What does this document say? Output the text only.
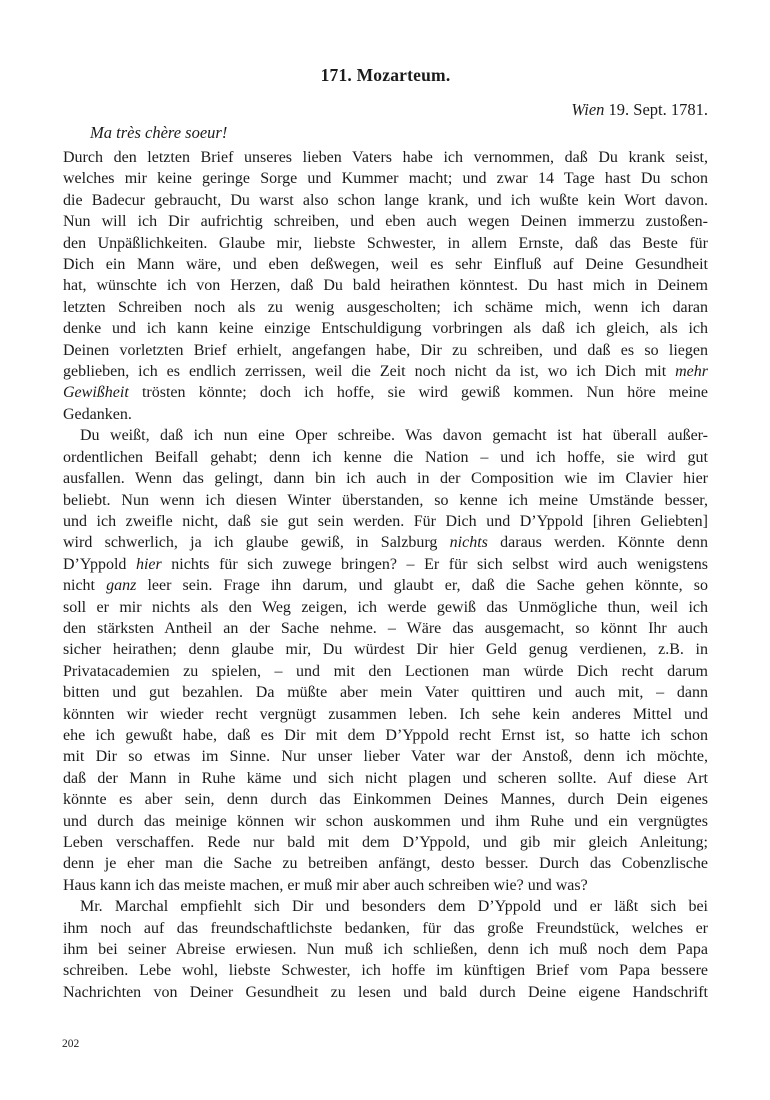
171. Mozarteum.
Wien 19. Sept. 1781.
Ma très chère soeur!
Durch den letzten Brief unseres lieben Vaters habe ich vernommen, daß Du krank seist,
welches mir keine geringe Sorge und Kummer macht; und zwar 14 Tage hast Du schon
die Badecur gebraucht, Du warst also schon lange krank, und ich wußte kein Wort davon.
Nun will ich Dir aufrichtig schreiben, und eben auch wegen Deinen immerzu zustoßen-
den Unpäßlichkeiten. Glaube mir, liebste Schwester, in allem Ernste, daß das Beste für
Dich ein Mann wäre, und eben deßwegen, weil es sehr Einfluß auf Deine Gesundheit
hat, wünschte ich von Herzen, daß Du bald heirathen könntest. Du hast mich in Deinem
letzten Schreiben noch als zu wenig ausgescholten; ich schäme mich, wenn ich daran
denke und ich kann keine einzige Entschuldigung vorbringen als daß ich gleich, als ich
Deinen vorletzten Brief erhielt, angefangen habe, Dir zu schreiben, und daß es so liegen
geblieben, ich es endlich zerrissen, weil die Zeit noch nicht da ist, wo ich Dich mit mehr
Gewißheit trösten könnte; doch ich hoffe, sie wird gewiß kommen. Nun höre meine
Gedanken.
Du weißt, daß ich nun eine Oper schreibe. Was davon gemacht ist hat überall außer-
ordentlichen Beifall gehabt; denn ich kenne die Nation – und ich hoffe, sie wird gut
ausfallen. Wenn das gelingt, dann bin ich auch in der Composition wie im Clavier hier
beliebt. Nun wenn ich diesen Winter überstanden, so kenne ich meine Umstände besser,
und ich zweifle nicht, daß sie gut sein werden. Für Dich und D’Yppold [ihren Geliebten]
wird schwerlich, ja ich glaube gewiß, in Salzburg nichts daraus werden. Könnte denn
D’Yppold hier nichts für sich zuwege bringen? – Er für sich selbst wird auch wenigstens
nicht ganz leer sein. Frage ihn darum, und glaubt er, daß die Sache gehen könnte, so
soll er mir nichts als den Weg zeigen, ich werde gewiß das Unmögliche thun, weil ich
den stärksten Antheil an der Sache nehme. – Wäre das ausgemacht, so könnt Ihr auch
sicher heirathen; denn glaube mir, Du würdest Dir hier Geld genug verdienen, z.B. in
Privatacademien zu spielen, – und mit den Lectionen man würde Dich recht darum
bitten und gut bezahlen. Da müßte aber mein Vater quittiren und auch mit, – dann
könnten wir wieder recht vergnügt zusammen leben. Ich sehe kein anderes Mittel und
ehe ich gewußt habe, daß es Dir mit dem D’Yppold recht Ernst ist, so hatte ich schon
mit Dir so etwas im Sinne. Nur unser lieber Vater war der Anstoß, denn ich möchte,
daß der Mann in Ruhe käme und sich nicht plagen und scheren sollte. Auf diese Art
könnte es aber sein, denn durch das Einkommen Deines Mannes, durch Dein eigenes
und durch das meinige können wir schon auskommen und ihm Ruhe und ein vergnügtes
Leben verschaffen. Rede nur bald mit dem D’Yppold, und gib mir gleich Anleitung;
denn je eher man die Sache zu betreiben anfängt, desto besser. Durch das Cobenzlische
Haus kann ich das meiste machen, er muß mir aber auch schreiben wie? und was?
Mr. Marchal empfiehlt sich Dir und besonders dem D’Yppold und er läßt sich bei
ihm noch auf das freundschaftlichste bedanken, für das große Freundstück, welches er
ihm bei seiner Abreise erwiesen. Nun muß ich schließen, denn ich muß noch dem Papa
schreiben. Lebe wohl, liebste Schwester, ich hoffe im künftigen Brief vom Papa bessere
Nachrichten von Deiner Gesundheit zu lesen und bald durch Deine eigene Handschrift
202
